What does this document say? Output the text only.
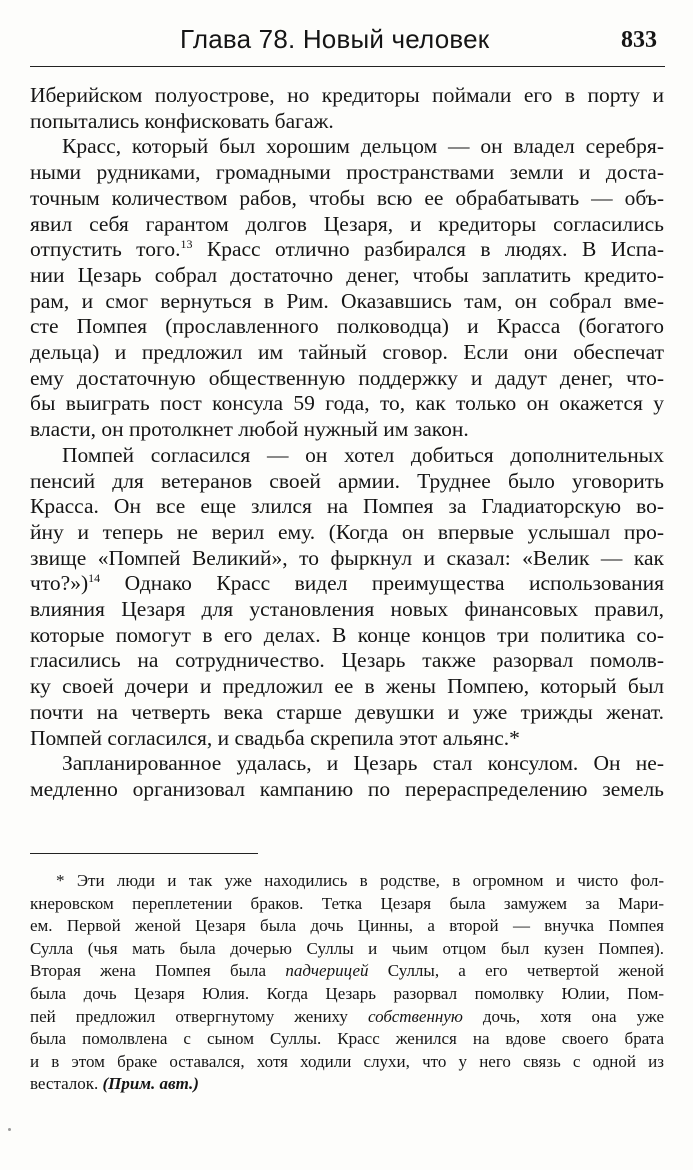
Глава 78. Новый человек	833

Иберийском полуострове, но кредиторы поймали его в порту и
попытались конфисковать багаж.

Красс, который был хорошим дельцом — он владел серебря-
ными рудниками, громадными пространствами земли и доста-
точным количеством рабов, чтобы всю ее обрабатывать — объ-
явил себя гарантом долгов Цезаря, и кредиторы согласились
отпустить того.$^{13}$ Красс отлично разбирался в людях. В Испа-
нии Цезарь собрал достаточно денег, чтобы заплатить кредито-
рам, и смог вернуться в Рим. Оказавшись там, он собрал вме-
сте Помпея (прославленного полководца) и Красса (богатого
дельца) и предложил им тайный сговор. Если они обеспечат
ему достаточную общественную поддержку и дадут денег, что-
бы выиграть пост консула 59 года, то, как только он окажется у
власти, он протолкнет любой нужный им закон.

Помпей согласился — он хотел добиться дополнительных
пенсий для ветеранов своей армии. Труднее было уговорить
Красса. Он все еще злился на Помпея за Гладиаторскую во-
йну и теперь не верил ему. (Когда он впервые услышал про-
звище «Помпей Великий», то фыркнул и сказал: «Велик — как
что?»)$^{14}$ Однако Красс видел преимущества использования
влияния Цезаря для установления новых финансовых правил,
которые помогут в его делах. В конце концов три политика со-
гласились на сотрудничество. Цезарь также разорвал помолв-
ку своей дочери и предложил ее в жены Помпею, который был
почти на четверть века старше девушки и уже трижды женат.
Помпей согласился, и свадьба скрепила этот альянс.*

Запланированное удалась, и Цезарь стал консулом. Он не-
медленно организовал кампанию по перераспределению земель

* Эти люди и так уже находились в родстве, в огромном и чисто фол-
кнеровском переплетении браков. Тетка Цезаря была замужем за Мари-
ем. Первой женой Цезаря была дочь Цинны, а второй — внучка Помпея
Сулла (чья мать была дочерью Суллы и чьим отцом был кузен Помпея).
Вторая жена Помпея была падчерицей Суллы, а его четвертой женой
была дочь Цезаря Юлия. Когда Цезарь разорвал помолвку Юлии, Пом-
пей предложил отвергнутому жениху собственную дочь, хотя она уже
была помолвлена с сыном Суллы. Красс женился на вдове своего брата
и в этом браке оставался, хотя ходили слухи, что у него связь с одной из
весталок. (Прим. авт.)
